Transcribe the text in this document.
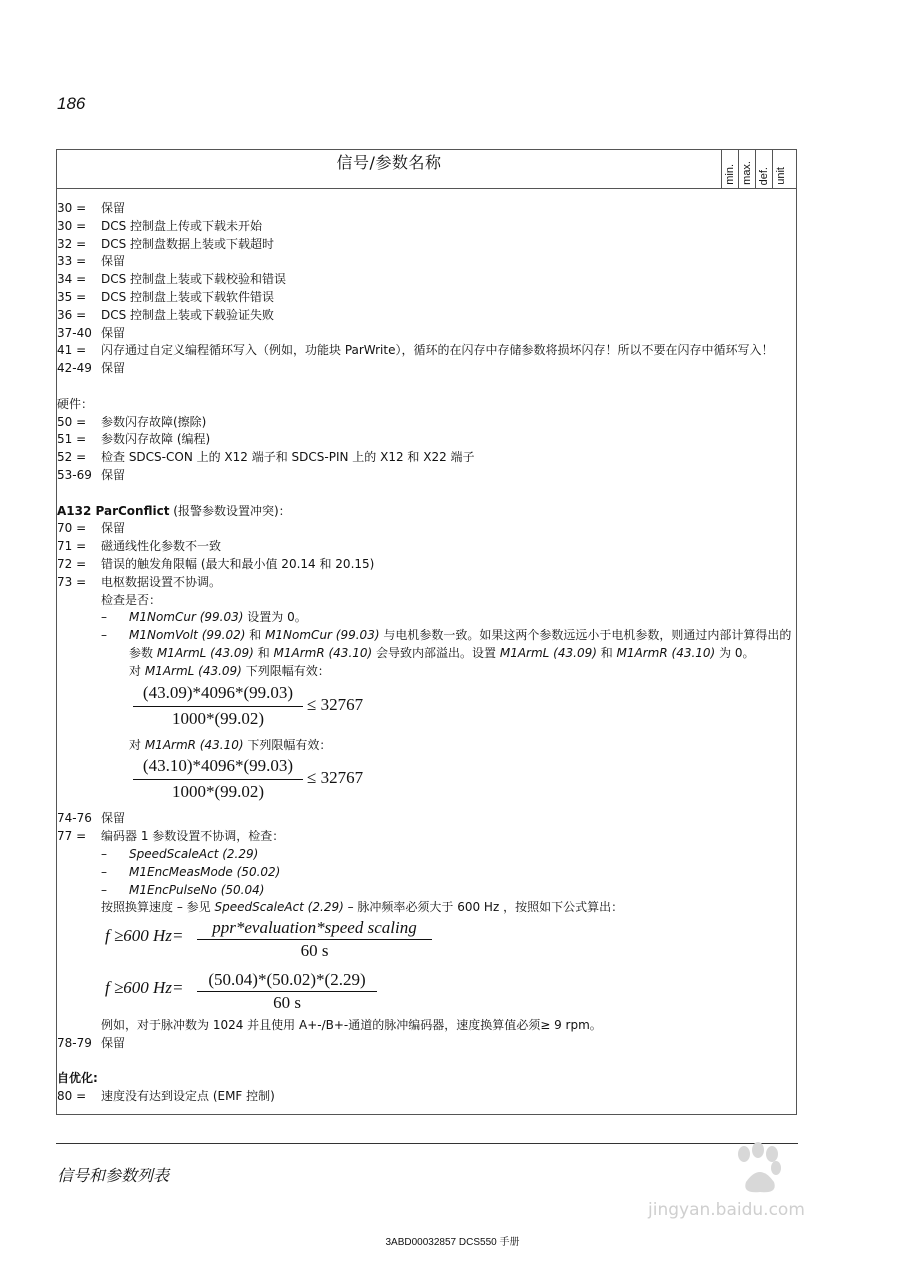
186
信号/参数名称
min. max. def. unit
30 =	保留
30 =	DCS 控制盘上传或下载未开始
32 =	DCS 控制盘数据上装或下载超时
33 =	保留
34 =	DCS 控制盘上装或下载校验和错误
35 =	DCS 控制盘上装或下载软件错误
36 =	DCS 控制盘上装或下载验证失败
37-40 保留
41 =	闪存通过自定义编程循环写入（例如，功能块 ParWrite），循环的在闪存中存储参数将损坏闪存！所以不要在闪存中循环写入！
42-49 保留
硬件：
50 =	参数闪存故障(擦除)
51 =	参数闪存故障 (编程)
52 =	检查 SDCS-CON 上的 X12 端子和 SDCS-PIN 上的 X12 和 X22 端子
53-69 保留
A132 ParConflict (报警参数设置冲突)：
70 =	保留
71 =	磁通线性化参数不一致
72 =	错误的触发角限幅 (最大和最小值 20.14 和 20.15)
73 =	电枢数据设置不协调。
检查是否：
– M1NomCur (99.03) 设置为 0。
– M1NomVolt (99.02) 和 M1NomCur (99.03) 与电机参数一致。如果这两个参数远远小于电机参数，则通过内部计算得出的参数 M1ArmL (43.09) 和 M1ArmR (43.10) 会导致内部溢出。设置 M1ArmL (43.09) 和 M1ArmR (43.10) 为 0。
对 M1ArmL (43.09) 下列限幅有效：
$\frac{(43.09)*4096*(99.03)}{1000*(99.02)} \le 32767$
对 M1ArmR (43.10) 下列限幅有效：
$\frac{(43.10)*4096*(99.03)}{1000*(99.02)} \le 32767$
74-76 保留
77 =	编码器 1 参数设置不协调，检查：
– SpeedScaleAct (2.29)
– M1EncMeasMode (50.02)
– M1EncPulseNo (50.04)
按照换算速度 – 参见 SpeedScaleAct (2.29) – 脉冲频率必须大于 600 Hz ，按照如下公式算出：
f ≥600 Hz=	ppr*evaluation*speed scaling
60 s
f ≥600 $Hz= \frac{(50.04)*(50.02)*(2.29)}{60 s}$
例如，对于脉冲数为 1024 并且使用 A+-/B+-通道的脉冲编码器，速度换算值必须≥ 9 rpm。
78-79 保留
自优化:
80 =	速度没有达到设定点 (EMF 控制)
信号和参数列表
3ABD00032857 DCS550 手册
jingyan.baidu.com
